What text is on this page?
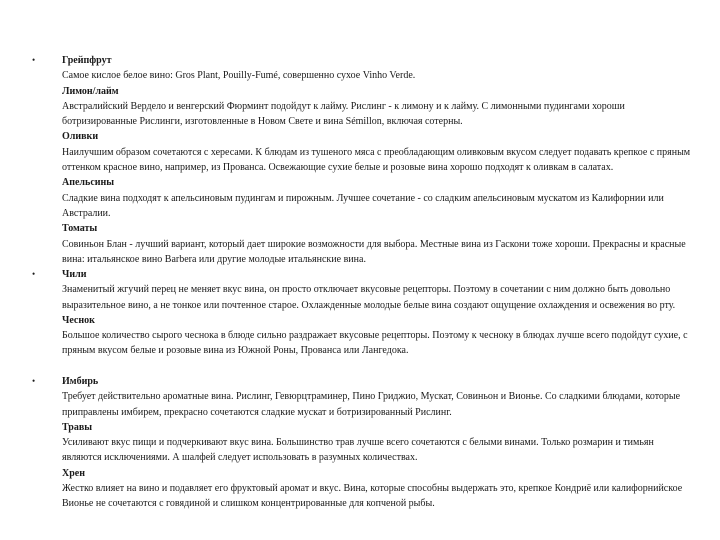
•	Грейпфрут

Самое кислое белое вино: Gros Plant, Pouilly-Fumé, совершенно сухое Vinho Verde.

Лимон/лайм

Австралийский Верделo и венгерский Фюрминт подойдут к лайму. Рислинг - к лимону и к лайму. С лимонными пудингами хороши ботризированные Рислинги, изготовленные в Новом Свете и вина Sémillon, включая сотерны.

Оливки

Наилучшим образом сочетаются с хересами. К блюдам из тушеного мяса с преобладающим оливковым вкусом следует подавать крепкое с пряным оттенком красное вино, например, из Прованса. Освежающие сухие белые и розовые вина хорошо подходят к оливкам в салатах.

Апельсины

Сладкие вина подходят к апельсиновым пудингам и пирожным. Лучшее сочетание - со сладким апельсиновым мускатом из Калифорнии или Австралии.

Томаты

Совиньон Блан - лучший вариант, который дает широкие возможности для выбора. Местные вина из Гаскони тоже хороши. Прекрасны и красные вина: итальянское вино Barbera или другие молодые итальянские вина.

•	Чили

Знаменитый жгучий перец не меняет вкус вина, он просто отключает вкусовые рецепторы. Поэтому в сочетании с ним должно быть довольно выразительное вино, а не тонкое или почтенное старое. Охлажденные молодые белые вина создают ощущение охлаждения и освежения во рту.

Чеснок

Большое количество сырого чеснока в блюде сильно раздражает вкусовые рецепторы. Поэтому к чесноку в блюдах лучше всего подойдут сухие, с пряным вкусом белые и розовые вина из Южной Роны, Прованса или Лангедока.

•	Имбирь

Требует действительно ароматные вина. Рислинг, Гевюрцтраминер, Пино Гриджио, Мускат, Совиньон и Вионье. Со сладкими блюдами, которые приправлены имбирем, прекрасно сочетаются сладкие мускат и ботризированный Рислинг.

Травы

Усиливают вкус пищи и подчеркивают вкус вина. Большинство трав лучше всего сочетаются с белыми винами. Только розмарин и тимьян являются исключениями. А шалфей следует использовать в разумных количествах.

Хрен

Жестко влияет на вино и подавляет его фруктовый аромат и вкус. Вина, которые способны выдержать это, крепкое Кондриё или калифорнийское Вионье не сочетаются с говядиной и слишком концентрированные для копченой рыбы.
